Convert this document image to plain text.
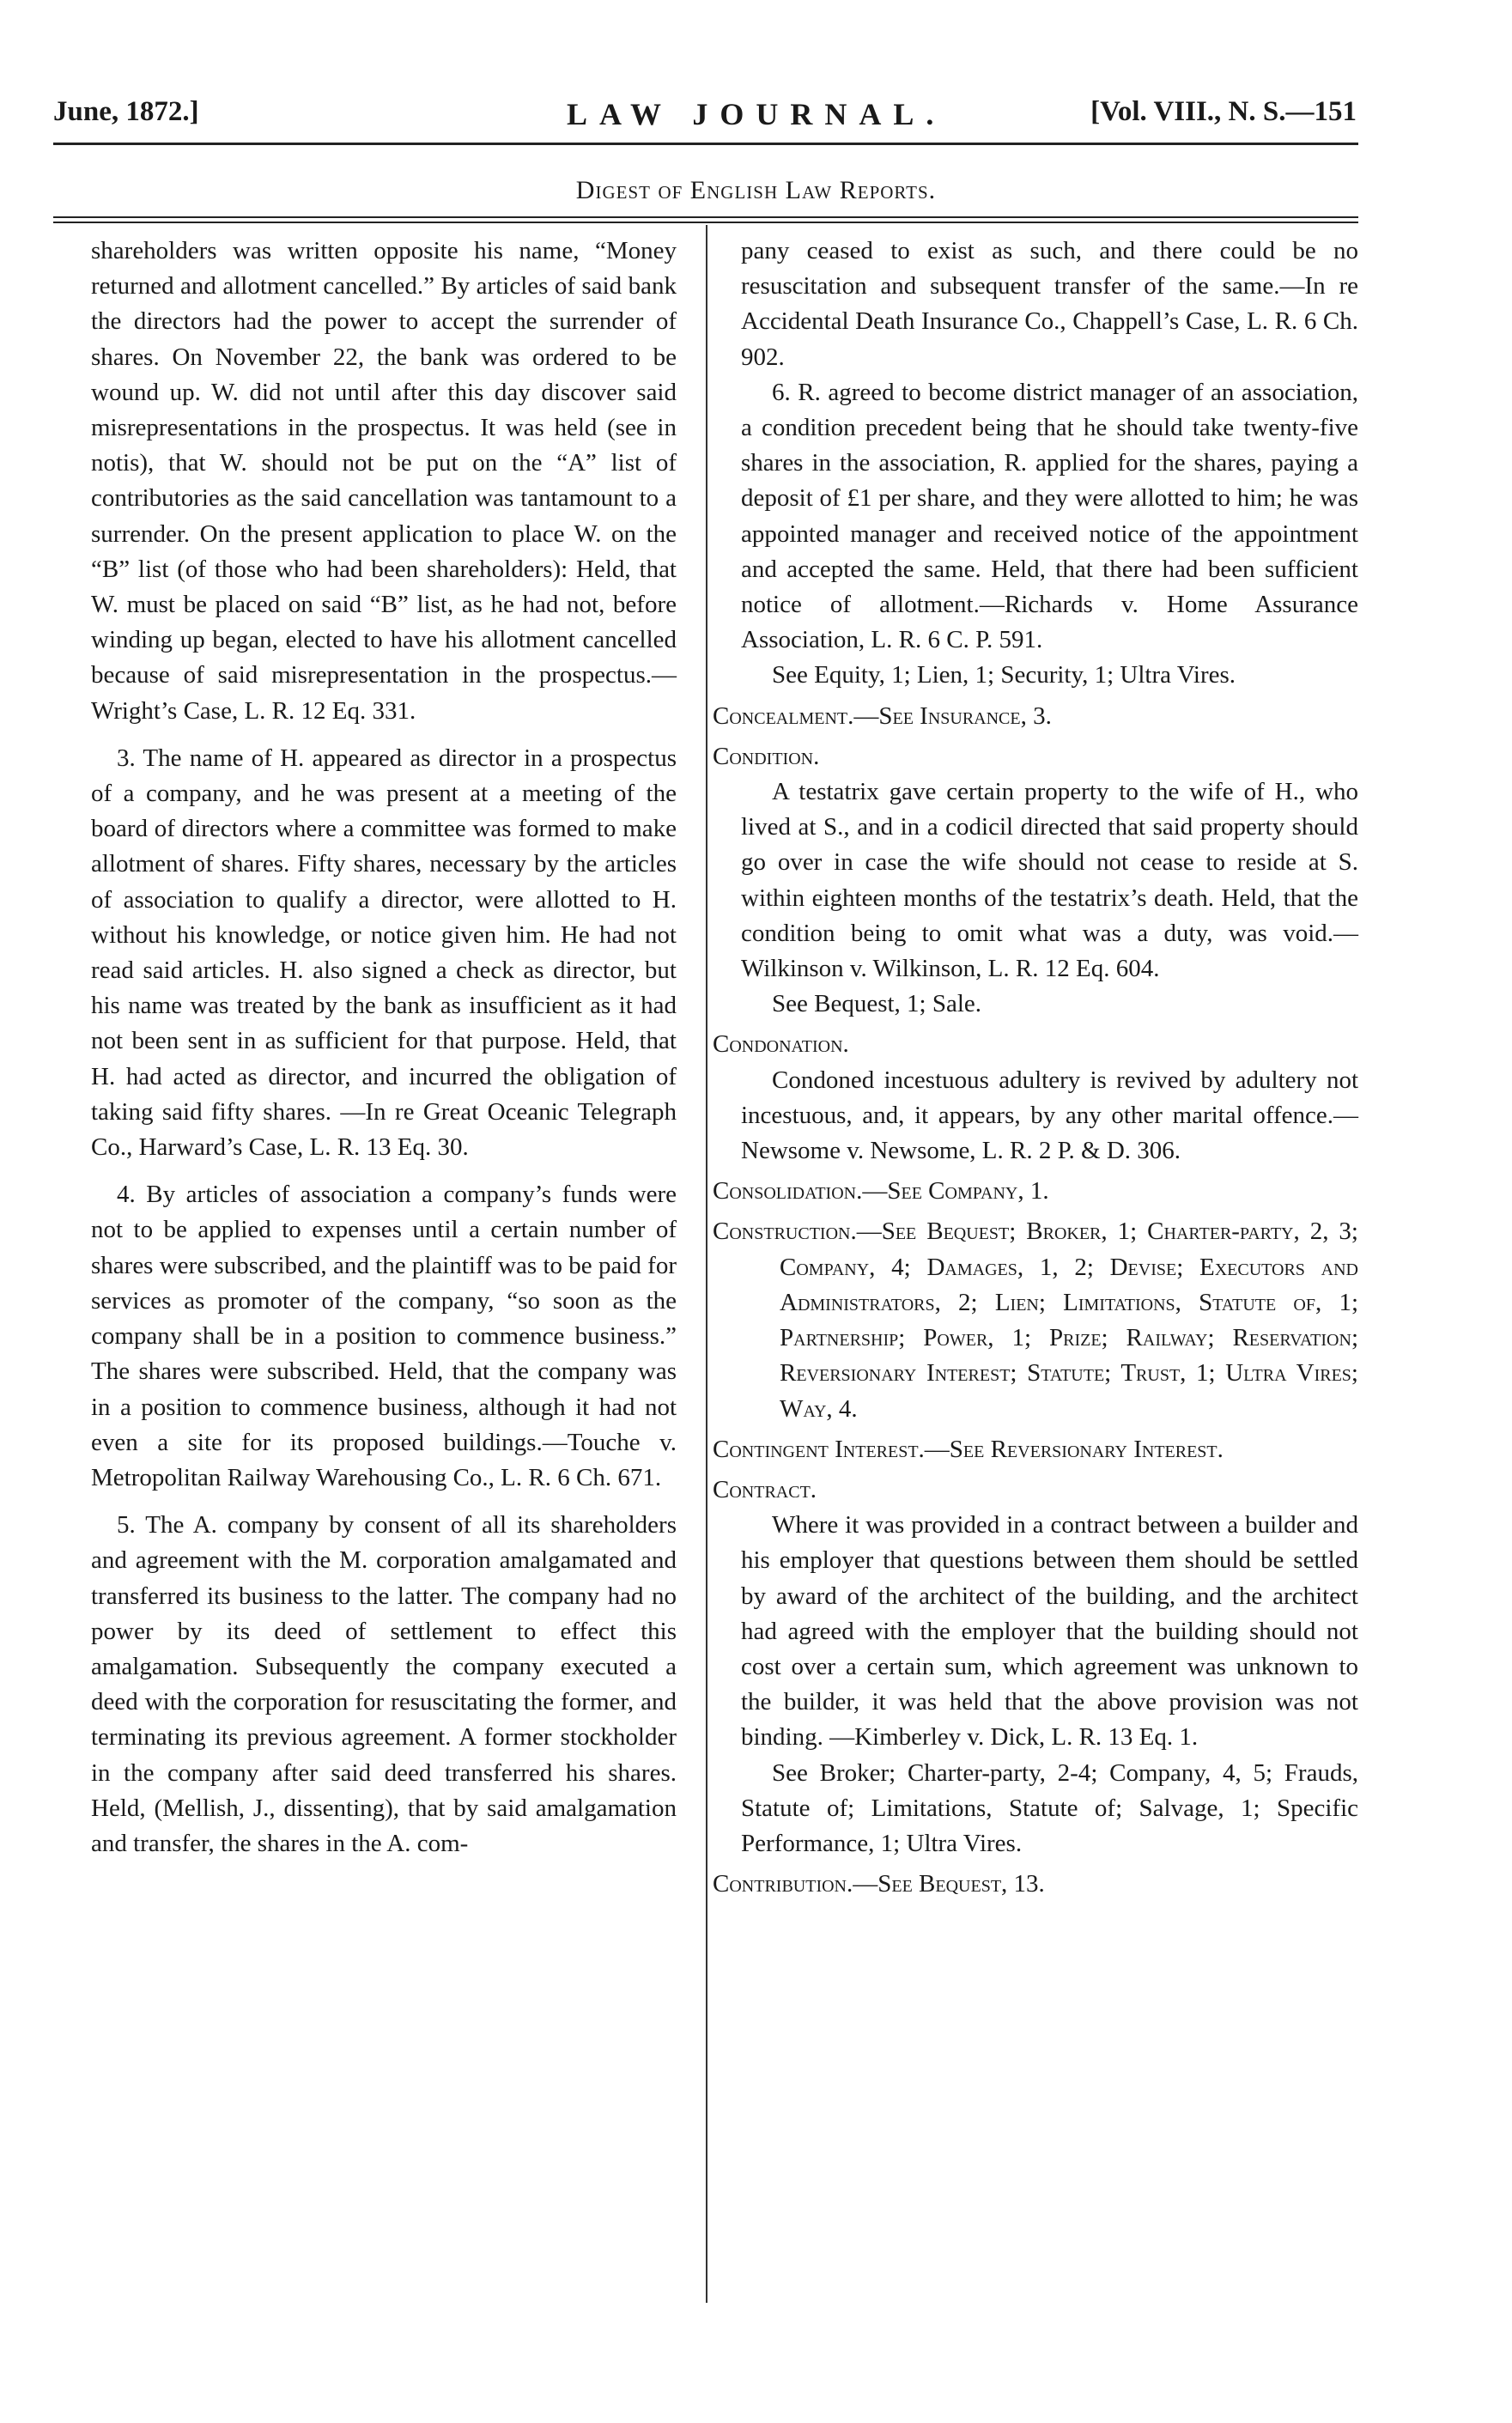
June, 1872.]	LAW JOURNAL.	[Vol. VIII., N. S.—151
Digest of English Law Reports.

shareholders was written opposite his name, “Money returned and allotment cancelled.” By articles of said bank the directors had the power to accept the surrender of shares. On November 22, the bank was ordered to be wound up. W. did not until after this day discover said misrepresentations in the prospectus. It was held (see in notis), that W. should not be put on the “A” list of contributories as the said cancellation was tantamount to a surrender. On the present application to place W. on the “B” list (of those who had been shareholders): Held, that W. must be placed on said “B” list, as he had not, before winding up began, elected to have his allotment cancelled because of said misrepresentation in the prospectus.—Wright’s Case, L. R. 12 Eq. 331.

3. The name of H. appeared as director in a prospectus of a company, and he was present at a meeting of the board of directors where a committee was formed to make allotment of shares. Fifty shares, necessary by the articles of association to qualify a director, were allotted to H. without his knowledge, or notice given him. He had not read said articles. H. also signed a check as director, but his name was treated by the bank as insufficient as it had not been sent in as sufficient for that purpose. Held, that H. had acted as director, and incurred the obligation of taking said fifty shares. —In re Great Oceanic Telegraph Co., Harward’s Case, L. R. 13 Eq. 30.

4. By articles of association a company’s funds were not to be applied to expenses until a certain number of shares were subscribed, and the plaintiff was to be paid for services as promoter of the company, “so soon as the company shall be in a position to commence business.” The shares were subscribed. Held, that the company was in a position to commence business, although it had not even a site for its proposed buildings.—Touche v. Metropolitan Railway Warehousing Co., L. R. 6 Ch. 671.

5. The A. company by consent of all its shareholders and agreement with the M. corporation amalgamated and transferred its business to the latter. The company had no power by its deed of settlement to effect this amalgamation. Subsequently the company executed a deed with the corporation for resuscitating the former, and terminating its previous agreement. A former stockholder in the company after said deed transferred his shares. Held, (Mellish, J., dissenting), that by said amalgamation and transfer, the shares in the A. com-

pany ceased to exist as such, and there could be no resuscitation and subsequent transfer of the same.—In re Accidental Death Insurance Co., Chappell’s Case, L. R. 6 Ch. 902.

6. R. agreed to become district manager of an association, a condition precedent being that he should take twenty-five shares in the association, R. applied for the shares, paying a deposit of £1 per share, and they were allotted to him; he was appointed manager and received notice of the appointment and accepted the same. Held, that there had been sufficient notice of allotment.—Richards v. Home Assurance Association, L. R. 6 C. P. 591.

See Equity, 1; Lien, 1; Security, 1; Ultra Vires.

Concealment.—See Insurance, 3.

Condition.

A testatrix gave certain property to the wife of H., who lived at S., and in a codicil directed that said property should go over in case the wife should not cease to reside at S. within eighteen months of the testatrix’s death. Held, that the condition being to omit what was a duty, was void.—Wilkinson v. Wilkinson, L. R. 12 Eq. 604.

See Bequest, 1; Sale.

Condonation.

Condoned incestuous adultery is revived by adultery not incestuous, and, it appears, by any other marital offence.—Newsome v. Newsome, L. R. 2 P. & D. 306.

Consolidation.—See Company, 1.

Construction.—See Bequest; Broker, 1; Charter-party, 2, 3; Company, 4; Damages, 1, 2; Devise; Executors and Administrators, 2; Lien; Limitations, Statute of, 1; Partnership; Power, 1; Prize; Railway; Reservation; Reversionary Interest; Statute; Trust, 1; Ultra Vires; Way, 4.

Contingent Interest.—See Reversionary Interest.

Contract.

Where it was provided in a contract between a builder and his employer that questions between them should be settled by award of the architect of the building, and the architect had agreed with the employer that the building should not cost over a certain sum, which agreement was unknown to the builder, it was held that the above provision was not binding. —Kimberley v. Dick, L. R. 13 Eq. 1.

See Broker; Charter-party, 2-4; Company, 4, 5; Frauds, Statute of; Limitations, Statute of; Salvage, 1; Specific Performance, 1; Ultra Vires.

Contribution.—See Bequest, 13.
